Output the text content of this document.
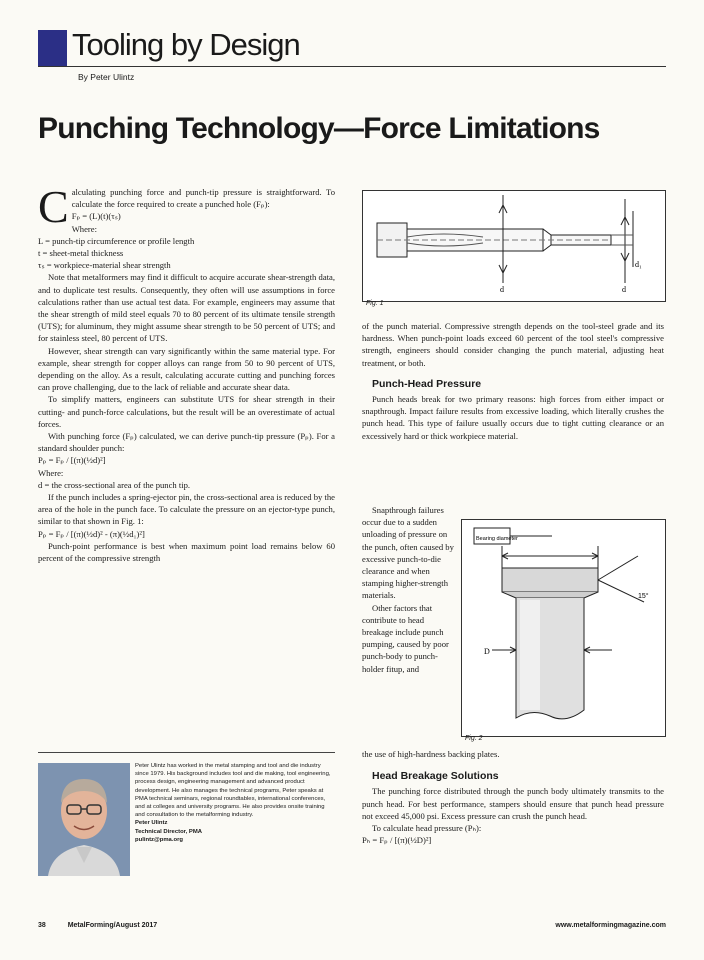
Tooling by Design
By Peter Ulintz
Punching Technology—Force Limitations

Calculating punching force and punch-tip pressure is straightforward. To calculate the force required to create a punched hole (Fₚ):

Fₚ = (L)(t)(τₛ)

Where:

L = punch-tip circumference or profile length

t = sheet-metal thickness

τₛ = workpiece-material shear strength

Note that metalformers may find it difficult to acquire accurate shear-strength data, and to duplicate test results. Consequently, they often will use assumptions in force calculations rather than use actual test data. For example, engineers may assume that the shear strength of mild steel equals 70 to 80 percent of its ultimate tensile strength (UTS); for aluminum, they might assume shear strength to be 50 percent of UTS; and for stainless steel, 80 percent of UTS.

However, shear strength can vary significantly within the same material type. For example, shear strength for copper alloys can range from 50 to 90 percent of UTS, depending on the alloy. As a result, calculating accurate cutting and punching forces can prove challenging, due to the lack of reliable and accurate shear data.

To simplify matters, engineers can substitute UTS for shear strength in their cutting- and punch-force calculations, but the result will be an overestimate of actual forces.

With punching force (Fₚ) calculated, we can derive punch-tip pressure (Pₚ). For a standard shoulder punch:

Pₚ = Fₚ / [(π)(½d)²]

Where:

d = the cross-sectional area of the punch tip.

If the punch includes a spring-ejector pin, the cross-sectional area is reduced by the area of the hole in the punch face. To calculate the pressure on an ejector-type punch, similar to that shown in Fig. 1:

Pₚ = Fₚ / [(π)(½d)² - (π)(½d₁)²]

Punch-point performance is best when maximum point load remains below 60 percent of the compressive strength

Peter Ulintz has worked in the metal stamping and tool and die industry since 1979. His background includes tool and die making, tool engineering, process design, engineering management and advanced product development. He also manages the technical programs, Peter speaks at PMA technical seminars, regional roundtables, international conferences, and at colleges and university programs. He also provides onsite training and consultation to the metalforming industry.
Peter Ulintz
Technical Director, PMA
pulintz@pma.org
d
d₁
d
Fig. 1

of the punch material. Compressive strength depends on the tool-steel grade and its hardness. When punch-point loads exceed 60 percent of the tool steel's compressive strength, engineers should consider changing the punch material, adjusting heat treatment, or both.

Punch-Head Pressure

Punch heads break for two primary reasons: high forces from either impact or snapthrough. Impact failure results from excessive loading, which literally crushes the punch head. This type of failure usually occurs due to tight cutting clearance or an excessively hard or thick workpiece material.

Snapthrough failures occur due to a sudden unloading of pressure on the punch, often caused by excessive punch-to-die clearance and when stamping higher-strength materials.

Other factors that contribute to head breakage include punch pumping, caused by poor punch-body to punch-holder fitup, and

Bearing diameter
D
15°
Fig. 2

the use of high-hardness backing plates.

Head Breakage Solutions

The punching force distributed through the punch body ultimately transmits to the punch head. For best performance, stampers should ensure that punch head pressure not exceed 45,000 psi. Excess pressure can crush the punch head.

To calculate head pressure (Pₕ):

Pₕ = Fₚ / [(π)(½D)²]

38	MetalForming/August 2017	www.metalformingmagazine.com
